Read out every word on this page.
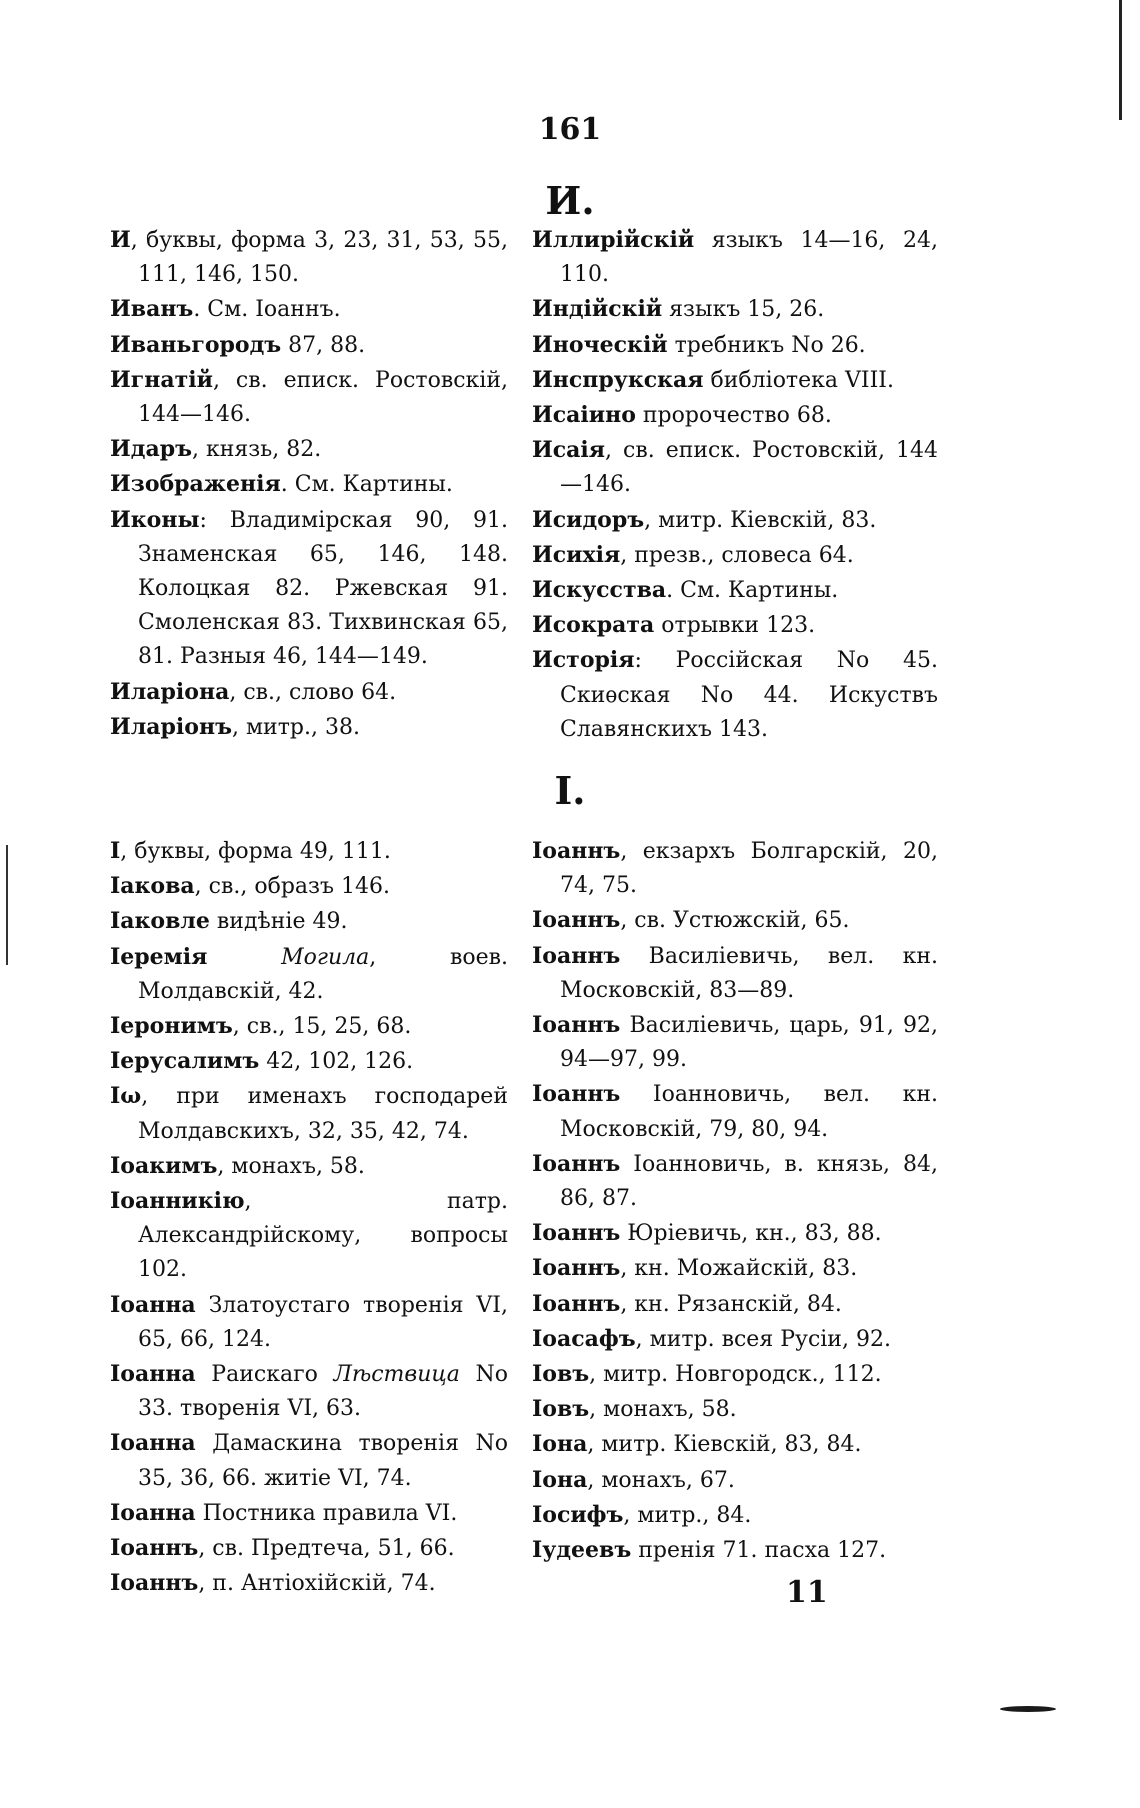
161
И.

И, буквы, форма 3, 23, 31, 53, 55, 111, 146, 150.

Иванъ. См. Іоаннъ.

Иваньгородъ 87, 88.

Игнатій, св. еписк. Ростовскій, 144—146.

Идаръ, князь, 82.

Изображенія. См. Картины.

Иконы: Владимірская 90, 91. Знаменская 65, 146, 148. Колоцкая 82. Ржевская 91. Смоленская 83. Тихвинская 65, 81. Разныя 46, 144—149.

Иларіона, св., слово 64.

Иларіонъ, митр., 38.

Иллирійскій языкъ 14—16, 24, 110.

Индійскій языкъ 15, 26.

Иноческій требникъ No 26.

Инспрукская библіотека VIII.

Исаіино пророчество 68.

Исаія, св. еписк. Ростовскій, 144—146.

Исидоръ, митр. Кіевскій, 83.

Исихія, презв., словеса 64.

Искусства. См. Картины.

Исократа отрывки 123.

Исторія: Россійская No 45. Скиѳская No 44. Искуствъ Славянскихъ 143.

I.

I, буквы, форма 49, 111.

Іакова, св., образъ 146.

Іаковле видѣніе 49.

Іеремія	Могила, воев. Молдавскій, 42.

Іеронимъ, св., 15, 25, 68.

Іерусалимъ 42, 102, 126.

Іω, при именахъ господарей Молдавскихъ, 32, 35, 42, 74.

Іоакимъ, монахъ, 58.

Іоанникію, патр. Александрійскому, вопросы 102.

Іоанна Златоустаго творенія VI, 65, 66, 124.

Іоанна Раискаго Лѣствица No 33. творенія VI, 63.

Іоанна Дамаскина творенія No 35, 36, 66. житіе VI, 74.

Іоанна Постника правила VI.

Іоаннъ, св. Предтеча, 51, 66.

Іоаннъ, п. Антіохійскій, 74.

Іоаннъ, екзархъ Болгарскій, 20, 74, 75.

Іоаннъ, св. Устюжскій, 65.

Іоаннъ Василіевичь, вел. кн. Московскій, 83—89.

Іоаннъ Василіевичь, царь, 91, 92, 94—97, 99.

Іоаннъ Іоанновичь, вел. кн. Московскій, 79, 80, 94.

Іоаннъ Іоанновичь, в. князь, 84, 86, 87.

Іоаннъ Юріевичь, кн., 83, 88.

Іоаннъ, кн. Можайскій, 83.

Іоаннъ, кн. Рязанскій, 84.

Іоасафъ, митр. всея Русіи, 92.

Іовъ, митр. Новгородск., 112.

Іовъ, монахъ, 58.

Іона, митр. Кіевскій, 83, 84.

Іона, монахъ, 67.

Іосифъ, митр., 84.

Іудеевъ пренія 71. пасха 127.

11
